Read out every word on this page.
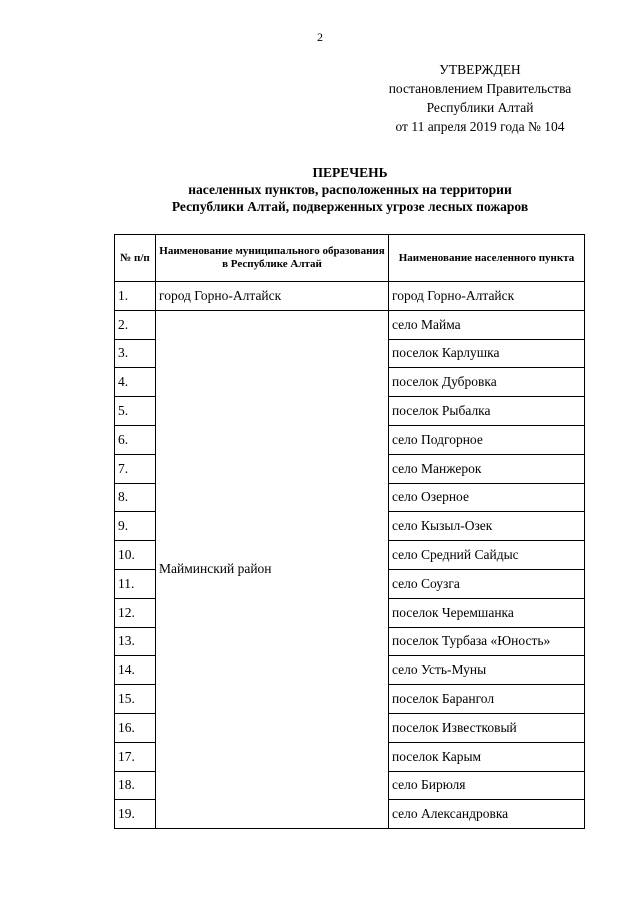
2
УТВЕРЖДЕН
постановлением Правительства
Республики Алтай
от 11 апреля 2019 года № 104
ПЕРЕЧЕНЬ
населенных пунктов, расположенных на территории
Республики Алтай, подверженных угрозе лесных пожаров
№ п/п	Наименование муниципального образования в Республике Алтай	Наименование населенного пункта
1.	город Горно-Алтайск	город Горно-Алтайск
2.	Майминский район	село Майма
3.		поселок Карлушка
4.		поселок Дубровка
5.		поселок Рыбалка
6.		село Подгорное
7.		село Манжерок
8.		село Озерное
9.		село Кызыл-Озек
10.		село Средний Сайдыс
11.		село Соузга
12.		поселок Черемшанка
13.		поселок Турбаза «Юность»
14.		село Усть-Муны
15.		поселок Барангол
16.		поселок Известковый
17.		поселок Карым
18.		село Бирюля
19.		село Александровка
